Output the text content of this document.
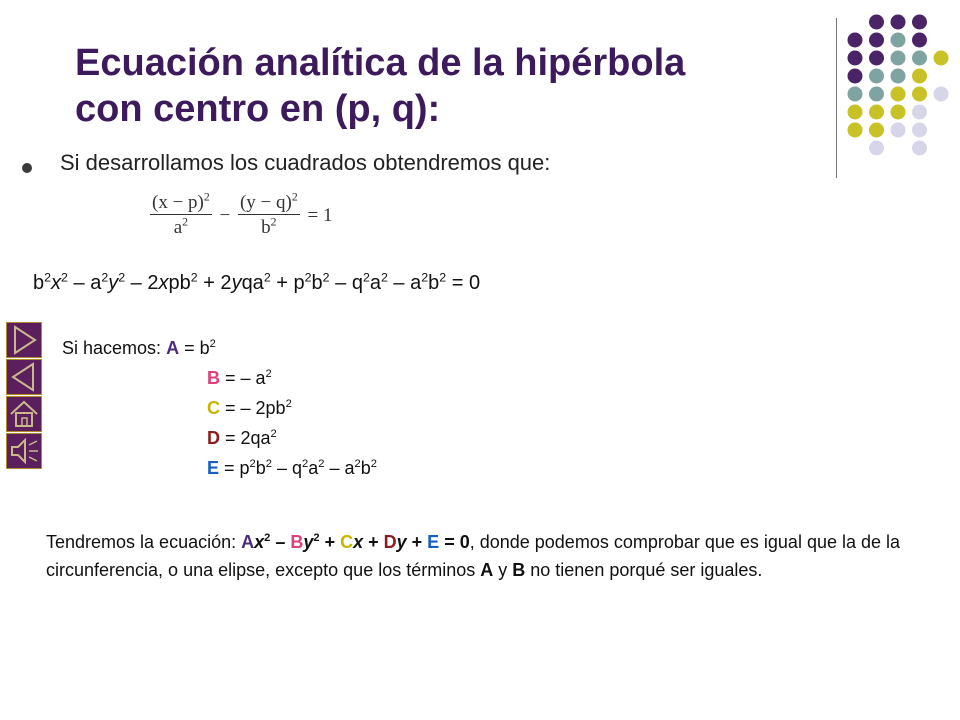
Ecuación analítica de la hipérbola
con centro en (p, q):
Si desarrollamos los cuadrados obtendremos que:
$\frac{(x - p)^2}{a^2} - \frac{(y - q)^2}{b^2} = 1$
$b^2x^2 - a^2y^2 - 2xpb^2 + 2yqa^2 + p^2b^2 - q^2a^2 - a^2b^2 = 0$
Si hacemos: $A = b^2$
B = – $a^2$
C = – $2pb^2$
$D = 2qa^2$
$E = p^2b^2 - q^2a^2 - a^2b^2$
Tendremos la ecuación: $Ax^2 - By^2 + Cx + Dy + E = 0$, donde podemos comprobar que es igual que la de la circunferencia, o una elipse, excepto que los términos A y B no tienen porqué ser iguales.
